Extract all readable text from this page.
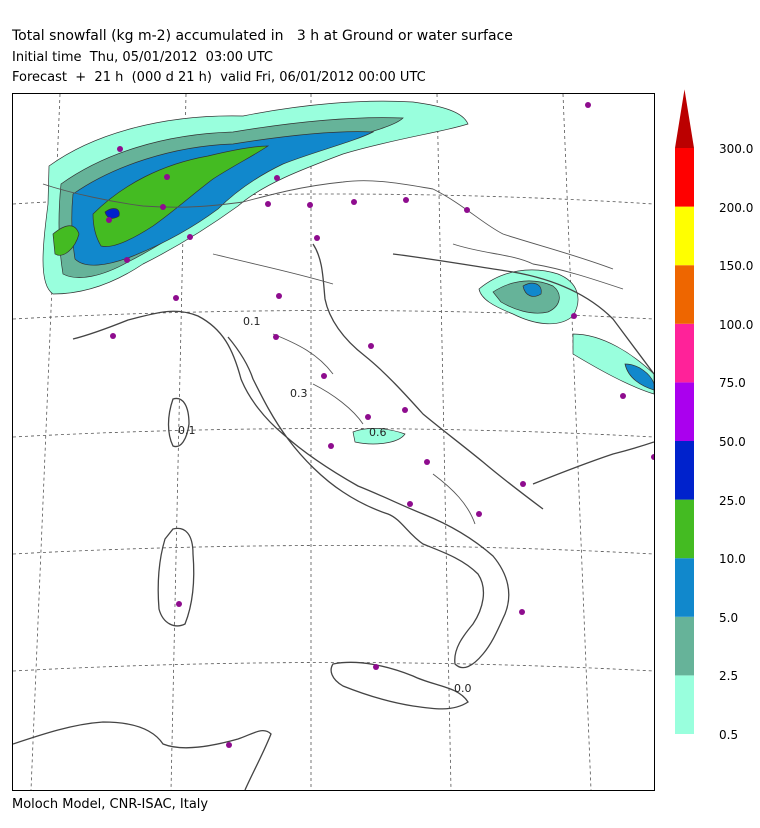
Total snowfall (kg m-2) accumulated in   3 h at Ground or water surface
Initial time  Thu, 05/01/2012  03:00 UTC
Forecast  +  21 h  (000 d 21 h)  valid Fri, 06/01/2012 00:00 UTC
0.1
0.3
0.6
0.0
0.1
0.5
2.5
5.0
10.0
25.0
50.0
75.0
100.0
150.0
200.0
300.0
Moloch Model, CNR-ISAC, Italy
